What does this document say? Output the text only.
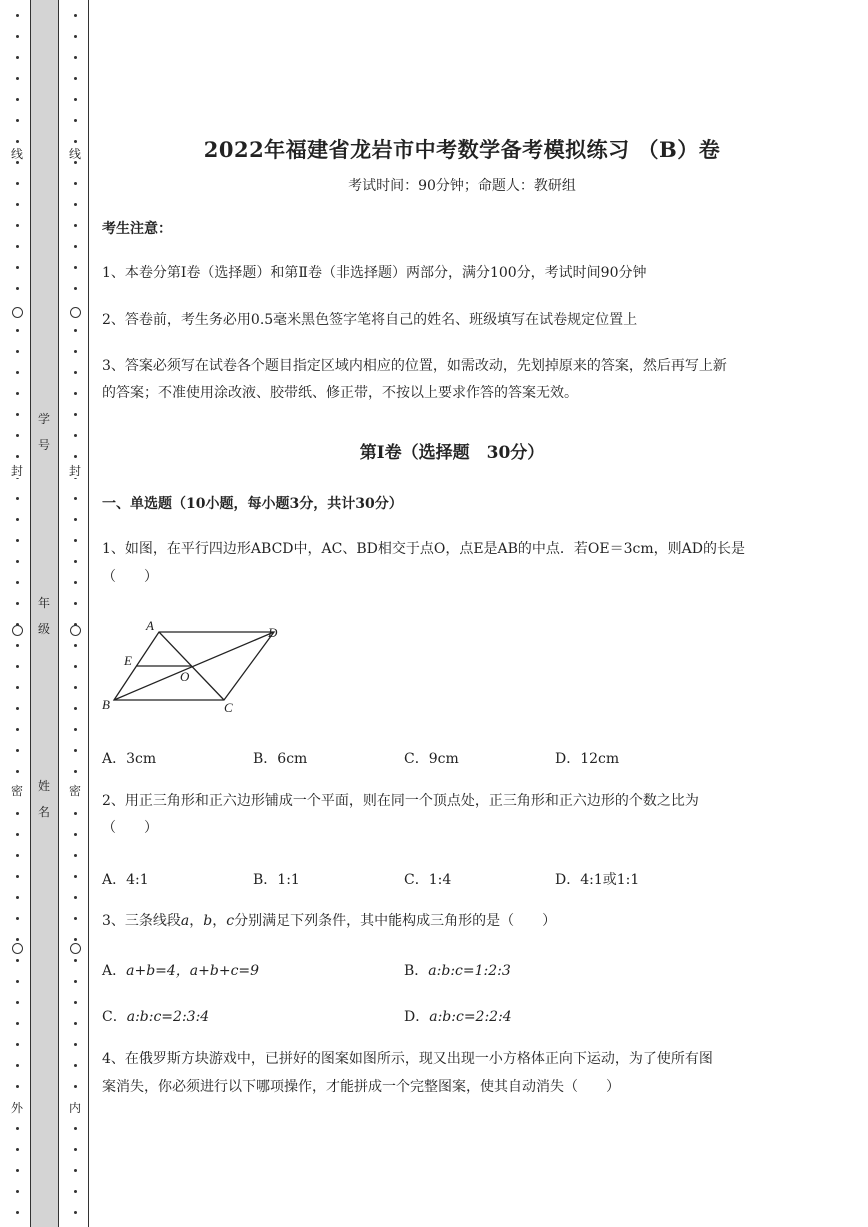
线
封
密
外
学
号
年
级
姓
名
线
封
密
内
2022年福建省龙岩市中考数学备考模拟练习 （B）卷
考试时间：90分钟；命题人：教研组
考生注意：
1、本卷分第Ⅰ卷（选择题）和第Ⅱ卷（非选择题）两部分，满分100分，考试时间90分钟
2、答卷前，考生务必用0.5毫米黑色签字笔将自己的姓名、班级填写在试卷规定位置上
3、答案必须写在试卷各个题目指定区域内相应的位置，如需改动，先划掉原来的答案，然后再写上新
的答案；不准使用涂改液、胶带纸、修正带，不按以上要求作答的答案无效。
第Ⅰ卷（选择题　30分）
一、单选题（10小题，每小题3分，共计30分）
1、如图，在平行四边形ABCD中，AC、BD相交于点O，点E是AB的中点．若OE＝3cm，则AD的长是
（　　）
A	D
E
O
B	C
A．3cm	B．6cm	C．9cm	D．12cm
2、用正三角形和正六边形铺成一个平面，则在同一个顶点处，正三角形和正六边形的个数之比为
（　　）
A．4:1	B．1:1	C．1:4	D．4:1或1:1
3、三条线段a，b，c分别满足下列条件，其中能构成三角形的是（　　）
A．a+b=4，a+b+c=9	B．a:b:c=1:2:3
C．a:b:c=2:3:4	D．a:b:c=2:2:4
4、在俄罗斯方块游戏中，已拼好的图案如图所示，现又出现一小方格体正向下运动，为了使所有图
案消失，你必须进行以下哪项操作，才能拼成一个完整图案，使其自动消失（　　）
